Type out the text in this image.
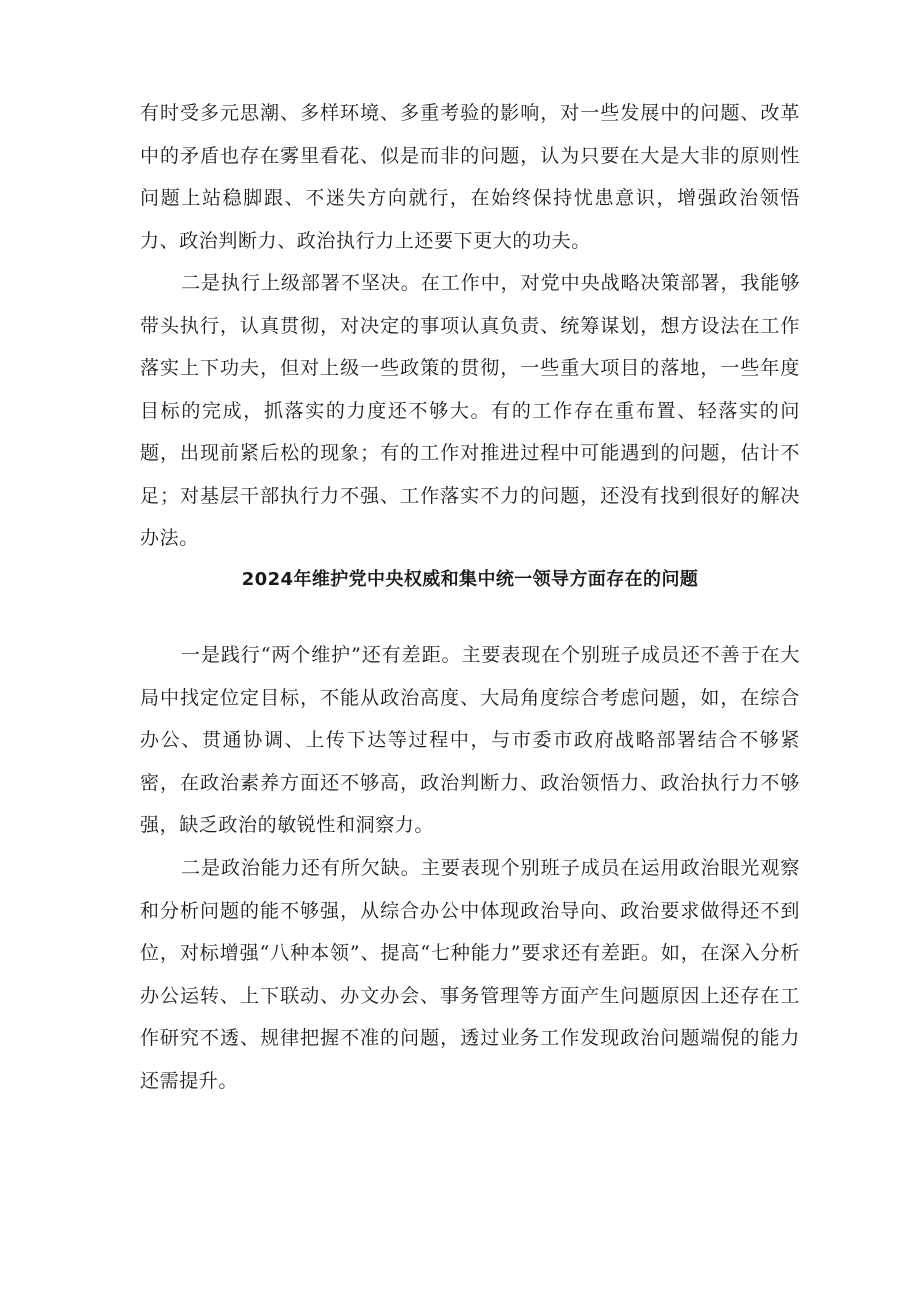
有时受多元思潮、多样环境、多重考验的影响，对一些发展中的问题、改革中的矛盾也存在雾里看花、似是而非的问题，认为只要在大是大非的原则性问题上站稳脚跟、不迷失方向就行，在始终保持忧患意识，增强政治领悟力、政治判断力、政治执行力上还要下更大的功夫。

二是执行上级部署不坚决。在工作中，对党中央战略决策部署，我能够带头执行，认真贯彻，对决定的事项认真负责、统筹谋划，想方设法在工作落实上下功夫，但对上级一些政策的贯彻，一些重大项目的落地，一些年度目标的完成，抓落实的力度还不够大。有的工作存在重布置、轻落实的问题，出现前紧后松的现象；有的工作对推进过程中可能遇到的问题，估计不足；对基层干部执行力不强、工作落实不力的问题，还没有找到很好的解决办法。

2024年维护党中央权威和集中统一领导方面存在的问题

一是践行“两个维护”还有差距。主要表现在个别班子成员还不善于在大局中找定位定目标，不能从政治高度、大局角度综合考虑问题，如，在综合办公、贯通协调、上传下达等过程中，与市委市政府战略部署结合不够紧密，在政治素养方面还不够高，政治判断力、政治领悟力、政治执行力不够强，缺乏政治的敏锐性和洞察力。

二是政治能力还有所欠缺。主要表现个别班子成员在运用政治眼光观察和分析问题的能不够强，从综合办公中体现政治导向、政治要求做得还不到位，对标增强“八种本领”、提高“七种能力”要求还有差距。如，在深入分析办公运转、上下联动、办文办会、事务管理等方面产生问题原因上还存在工作研究不透、规律把握不准的问题，透过业务工作发现政治问题端倪的能力还需提升。
